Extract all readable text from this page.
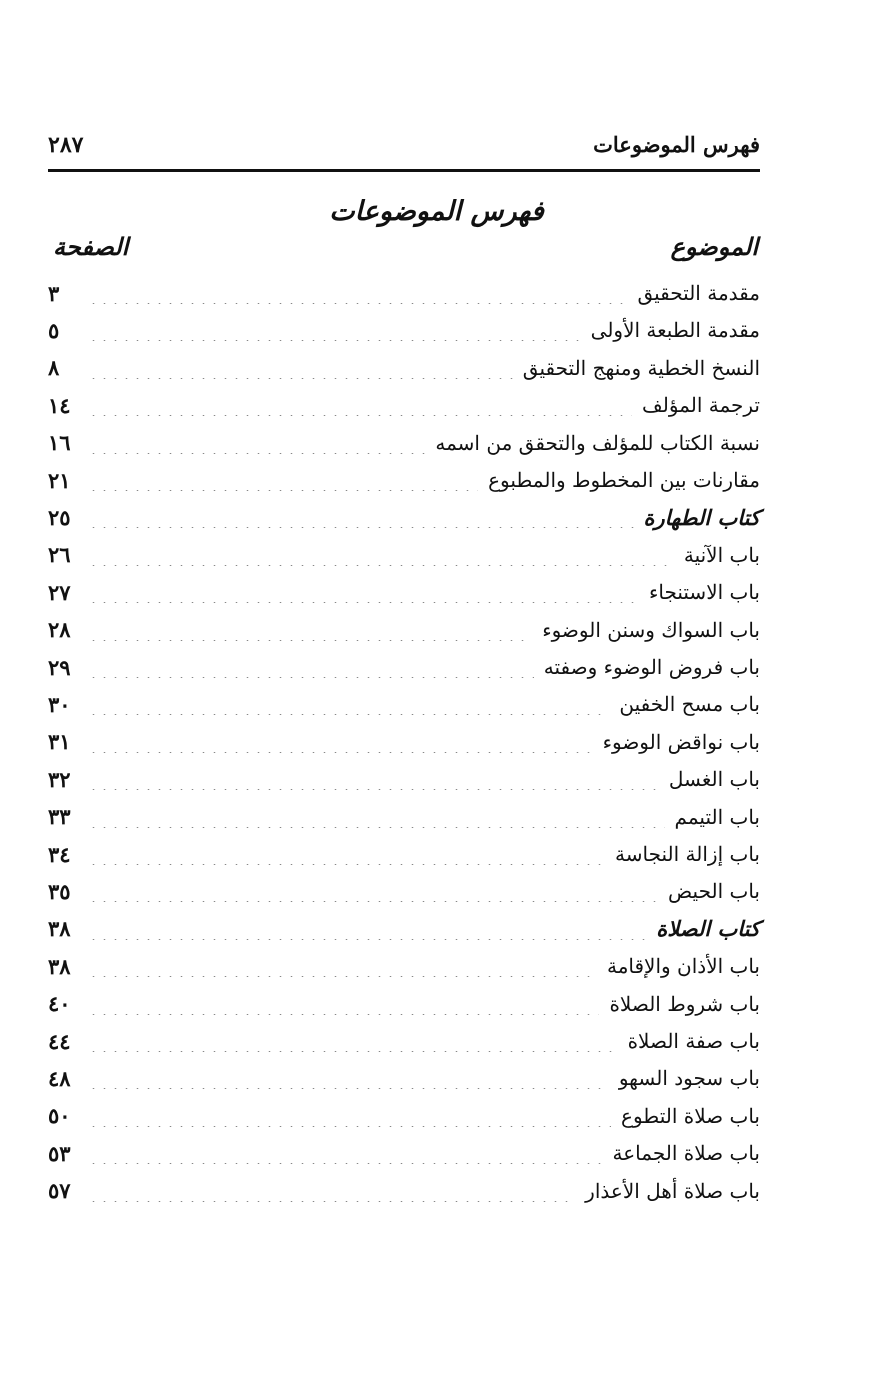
فهرس الموضوعات
٢٨٧
فهرس الموضوعات
الموضوع
الصفحة
مقدمة التحقيق
٣
مقدمة الطبعة الأولى
٥
النسخ الخطية ومنهج التحقيق
٨
ترجمة المؤلف
١٤
نسبة الكتاب للمؤلف والتحقق من اسمه
١٦
مقارنات بين المخطوط والمطبوع
٢١
كتاب الطهارة
٢٥
باب الآنية
٢٦
باب الاستنجاء
٢٧
باب السواك وسنن الوضوء
٢٨
باب فروض الوضوء وصفته
٢٩
باب مسح الخفين
٣٠
باب نواقض الوضوء
٣١
باب الغسل
٣٢
باب التيمم
٣٣
باب إزالة النجاسة
٣٤
باب الحيض
٣٥
كتاب الصلاة
٣٨
باب الأذان والإقامة
٣٨
باب شروط الصلاة
٤٠
باب صفة الصلاة
٤٤
باب سجود السهو
٤٨
باب صلاة التطوع
٥٠
باب صلاة الجماعة
٥٣
باب صلاة أهل الأعذار
٥٧
